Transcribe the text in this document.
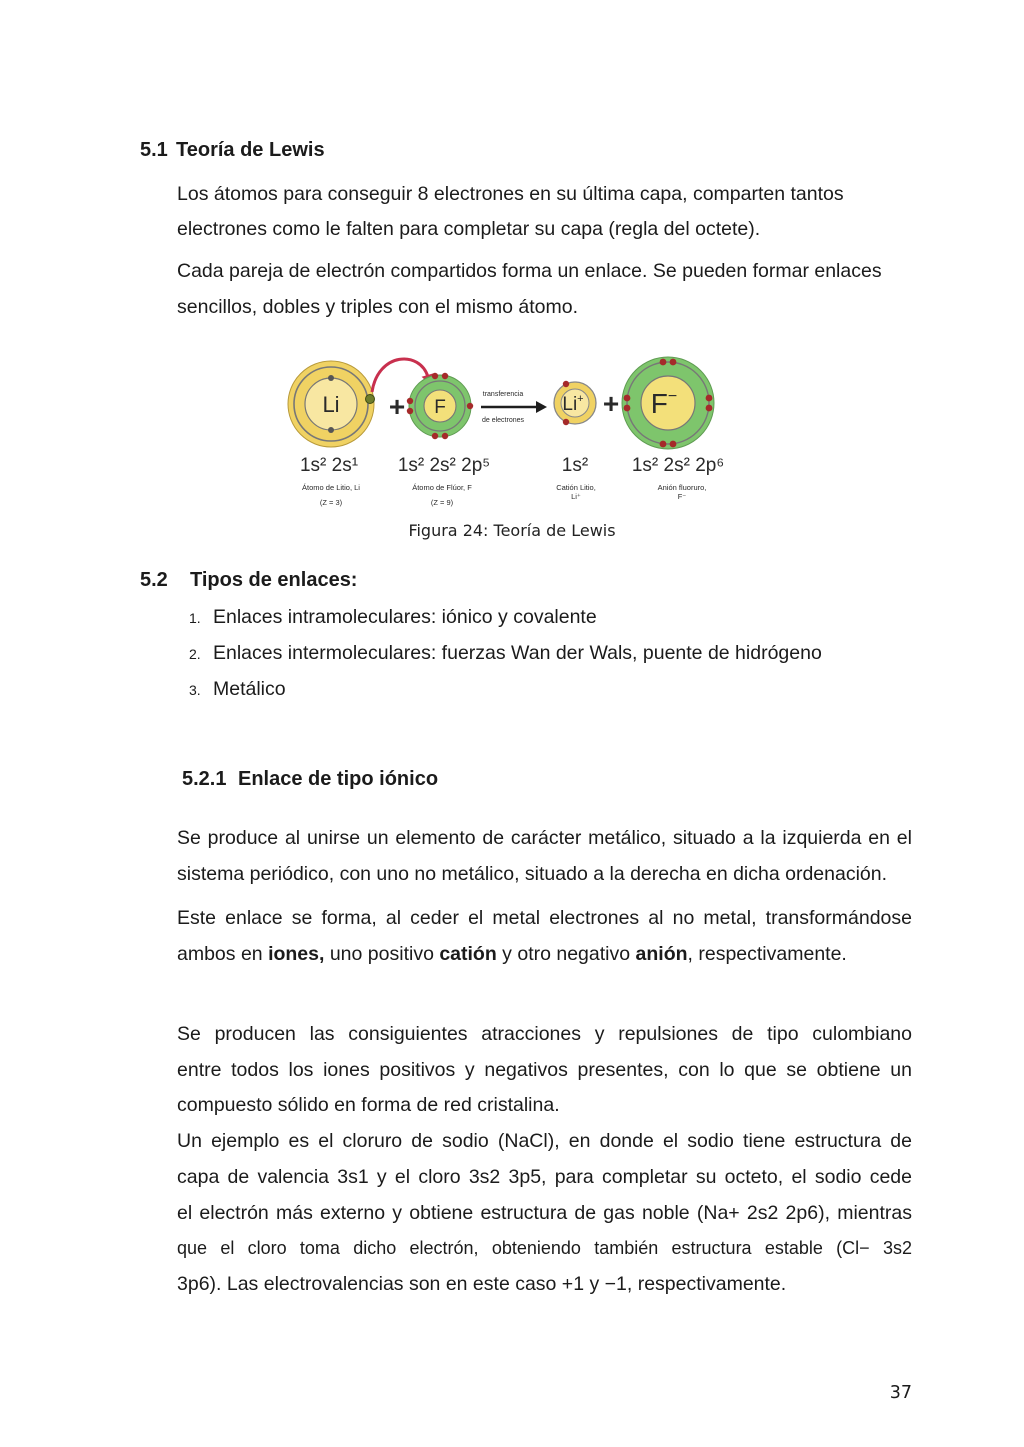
5.1 Teoría de Lewis
Los átomos para conseguir 8 electrones en su última capa, comparten tantos
electrones como le falten para completar su capa (regla del octete).
Cada pareja de electrón compartidos forma un enlace. Se pueden formar enlaces
sencillos, dobles y triples con el mismo átomo.
Li + F
transferencia
de electrones
Li+ + F−
1s² 2s¹ 1s² 2s² 2p⁵	1s² 1s² 2s² 2p⁶
Átomo de Litio, Li
(Z = 3)
Átomo de Flúor, F
(Z = 9)
Catión Litio,
Li⁺
Anión fluoruro,
F⁻
Figura 24: Teoría de Lewis
5.2 Tipos de enlaces:
1. Enlaces intramoleculares: iónico y covalente
2. Enlaces intermoleculares: fuerzas Wan der Wals, puente de hidrógeno
3. Metálico
5.2.1 Enlace de tipo iónico
Se produce al unirse un elemento de carácter metálico, situado a la izquierda en el
sistema periódico, con uno no metálico, situado a la derecha en dicha ordenación.
Este enlace se forma, al ceder el metal electrones al no metal, transformándose
ambos en iones, uno positivo catión y otro negativo anión, respectivamente.
Se producen las consiguientes atracciones y repulsiones de tipo culombiano
entre todos los iones positivos y negativos presentes, con lo que se obtiene un
compuesto sólido en forma de red cristalina.
Un ejemplo es el cloruro de sodio (NaCl), en donde el sodio tiene estructura de
capa de valencia 3s1 y el cloro 3s2 3p5, para completar su octeto, el sodio cede
el electrón más externo y obtiene estructura de gas noble (Na+ 2s2 2p6), mientras
que el cloro toma dicho electrón, obteniendo también estructura estable (Cl− 3s2
3p6). Las electrovalencias son en este caso +1 y −1, respectivamente.
37
